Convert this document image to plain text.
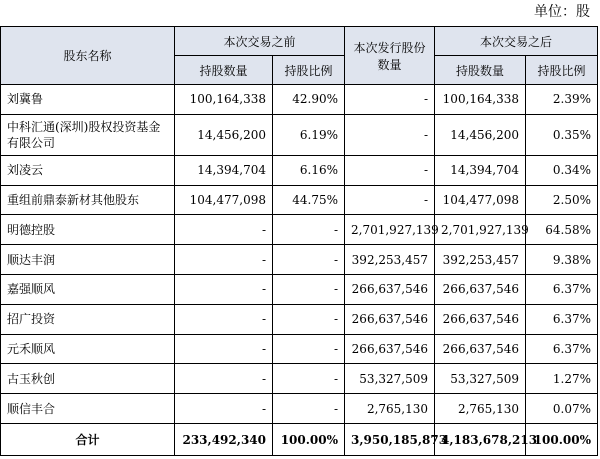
单位：股
股东名称	本次交易之前		本次发行股份数量	本次交易之后	
	持股数量	持股比例		持股数量	持股比例
刘冀鲁	100,164,338	42.90%	-	100,164,338	2.39%
中科汇通(深圳)股权投资基金有限公司	14,456,200	6.19%	-	14,456,200	0.35%
刘凌云	14,394,704	6.16%	-	14,394,704	0.34%
重组前鼎泰新材其他股东	104,477,098	44.75%	-	104,477,098	2.50%
明德控股	-	-	2,701,927,139	2,701,927,139	64.58%
顺达丰润	-	-	392,253,457	392,253,457	9.38%
嘉强顺风	-	-	266,637,546	266,637,546	6.37%
招广投资	-	-	266,637,546	266,637,546	6.37%
元禾顺风	-	-	266,637,546	266,637,546	6.37%
古玉秋创	-	-	53,327,509	53,327,509	1.27%
顺信丰合	-	-	2,765,130	2,765,130	0.07%
合计	233,492,340	100.00%	3,950,185,873	4,183,678,213	100.00%
